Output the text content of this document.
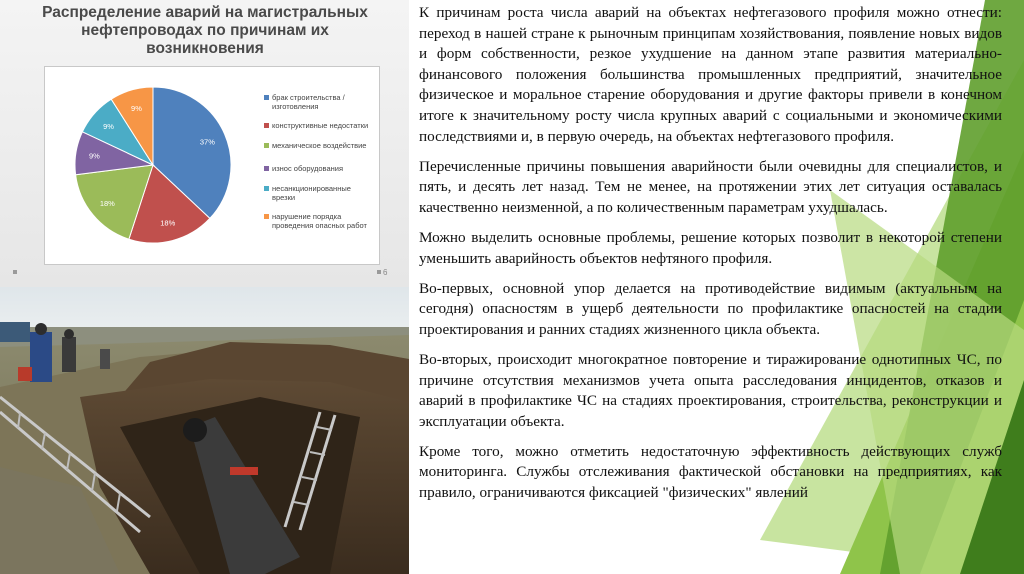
Распределение аварий на магистральных
нефтепроводах по причинам их
возникновения
37%
18%
18%
9%
9%
9%
брак строительства /
изготовления
конструктивные недостатки
механическое воздействие
износ оборудования
несанкционированные
врезки
нарушение порядка
проведения опасных работ
6

К причинам роста числа аварий на объектах нефтегазового профиля можно отнести: переход в нашей стране к рыночным принципам хозяйствования, появление новых видов и форм собственности, резкое ухудшение на данном этапе развития материально-финансового положения большинства промышленных предприятий, значительное физическое и моральное старение оборудования и другие факторы привели в конечном итоге к значительному росту числа крупных аварий с социальными и экономическими последствиями и, в первую очередь, на объектах нефтегазового профиля.

Перечисленные причины повышения аварийности были очевидны для специалистов, и пять, и десять лет назад. Тем не менее, на протяжении этих лет ситуация оставалась качественно неизменной, а по количественным параметрам ухудшалась.

Можно выделить основные проблемы, решение которых позволит в некоторой степени уменьшить аварийность объектов нефтяного профиля.

Во-первых, основной упор делается на противодействие видимым (актуальным на сегодня) опасностям в ущерб деятельности по профилактике опасностей на стадии проектирования и ранних стадиях жизненного цикла объекта.

Во-вторых, происходит многократное повторение и тиражирование однотипных ЧС, по причине отсутствия механизмов учета опыта расследования инцидентов, отказов и аварий в профилактике ЧС на стадиях проектирования, строительства, реконструкции и эксплуатации объекта.

Кроме того, можно отметить недостаточную эффективность действующих служб мониторинга. Службы отслеживания фактической обстановки на предприятиях, как правило, ограничиваются фиксацией "физических" явлений
